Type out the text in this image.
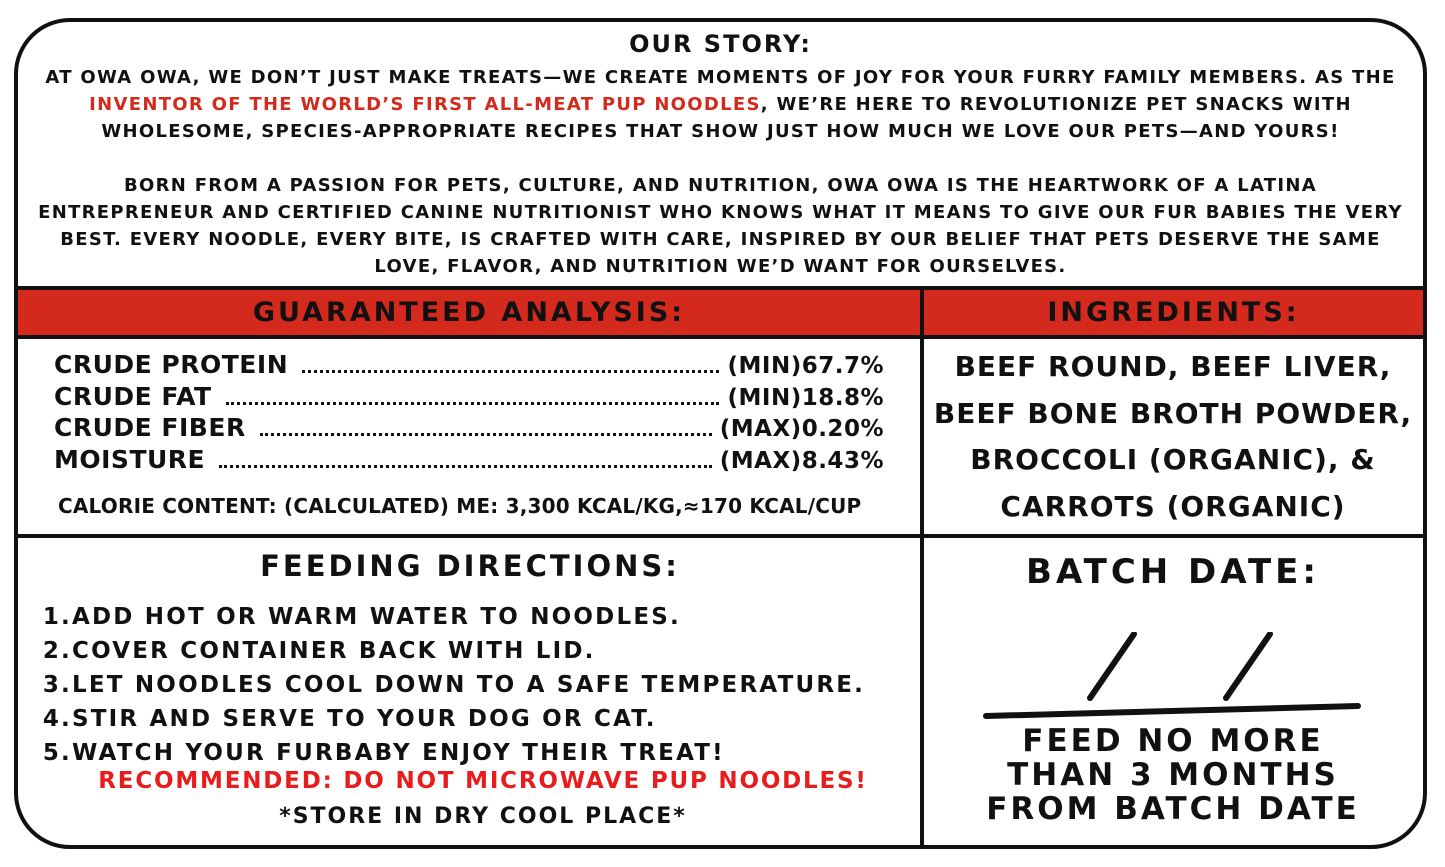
OUR STORY:

AT OWA OWA, WE DON’T JUST MAKE TREATS—WE CREATE MOMENTS OF JOY FOR YOUR FURRY FAMILY MEMBERS. AS THE INVENTOR OF THE WORLD’S FIRST ALL-MEAT PUP NOODLES, WE’RE HERE TO REVOLUTIONIZE PET SNACKS WITH WHOLESOME, SPECIES-APPROPRIATE RECIPES THAT SHOW JUST HOW MUCH WE LOVE OUR PETS—AND YOURS!

BORN FROM A PASSION FOR PETS, CULTURE, AND NUTRITION, OWA OWA IS THE HEARTWORK OF A LATINA ENTREPRENEUR AND CERTIFIED CANINE NUTRITIONIST WHO KNOWS WHAT IT MEANS TO GIVE OUR FUR BABIES THE VERY BEST. EVERY NOODLE, EVERY BITE, IS CRAFTED WITH CARE, INSPIRED BY OUR BELIEF THAT PETS DESERVE THE SAME LOVE, FLAVOR, AND NUTRITION WE’D WANT FOR OURSELVES.

GUARANTEED ANALYSIS:	INGREDIENTS:
CRUDE PROTEIN	(MIN)67.7%
CRUDE FAT	(MIN)18.8%
CRUDE FIBER	(MAX)0.20%
MOISTURE	(MAX)8.43%
CALORIE CONTENT: (CALCULATED) ME: 3,300 KCAL/KG,≈170 KCAL/CUP
BEEF ROUND, BEEF LIVER,
BEEF BONE BROTH POWDER,
BROCCOLI (ORGANIC), &
CARROTS (ORGANIC)
FEEDING DIRECTIONS:
1.ADD HOT OR WARM WATER TO NOODLES.
2.COVER CONTAINER BACK WITH LID.
3.LET NOODLES COOL DOWN TO A SAFE TEMPERATURE.
4.STIR AND SERVE TO YOUR DOG OR CAT.
5.WATCH YOUR FURBABY ENJOY THEIR TREAT!
RECOMMENDED: DO NOT MICROWAVE PUP NOODLES!
*STORE IN DRY COOL PLACE*
BATCH DATE:
FEED NO MORE
THAN 3 MONTHS
FROM BATCH DATE
